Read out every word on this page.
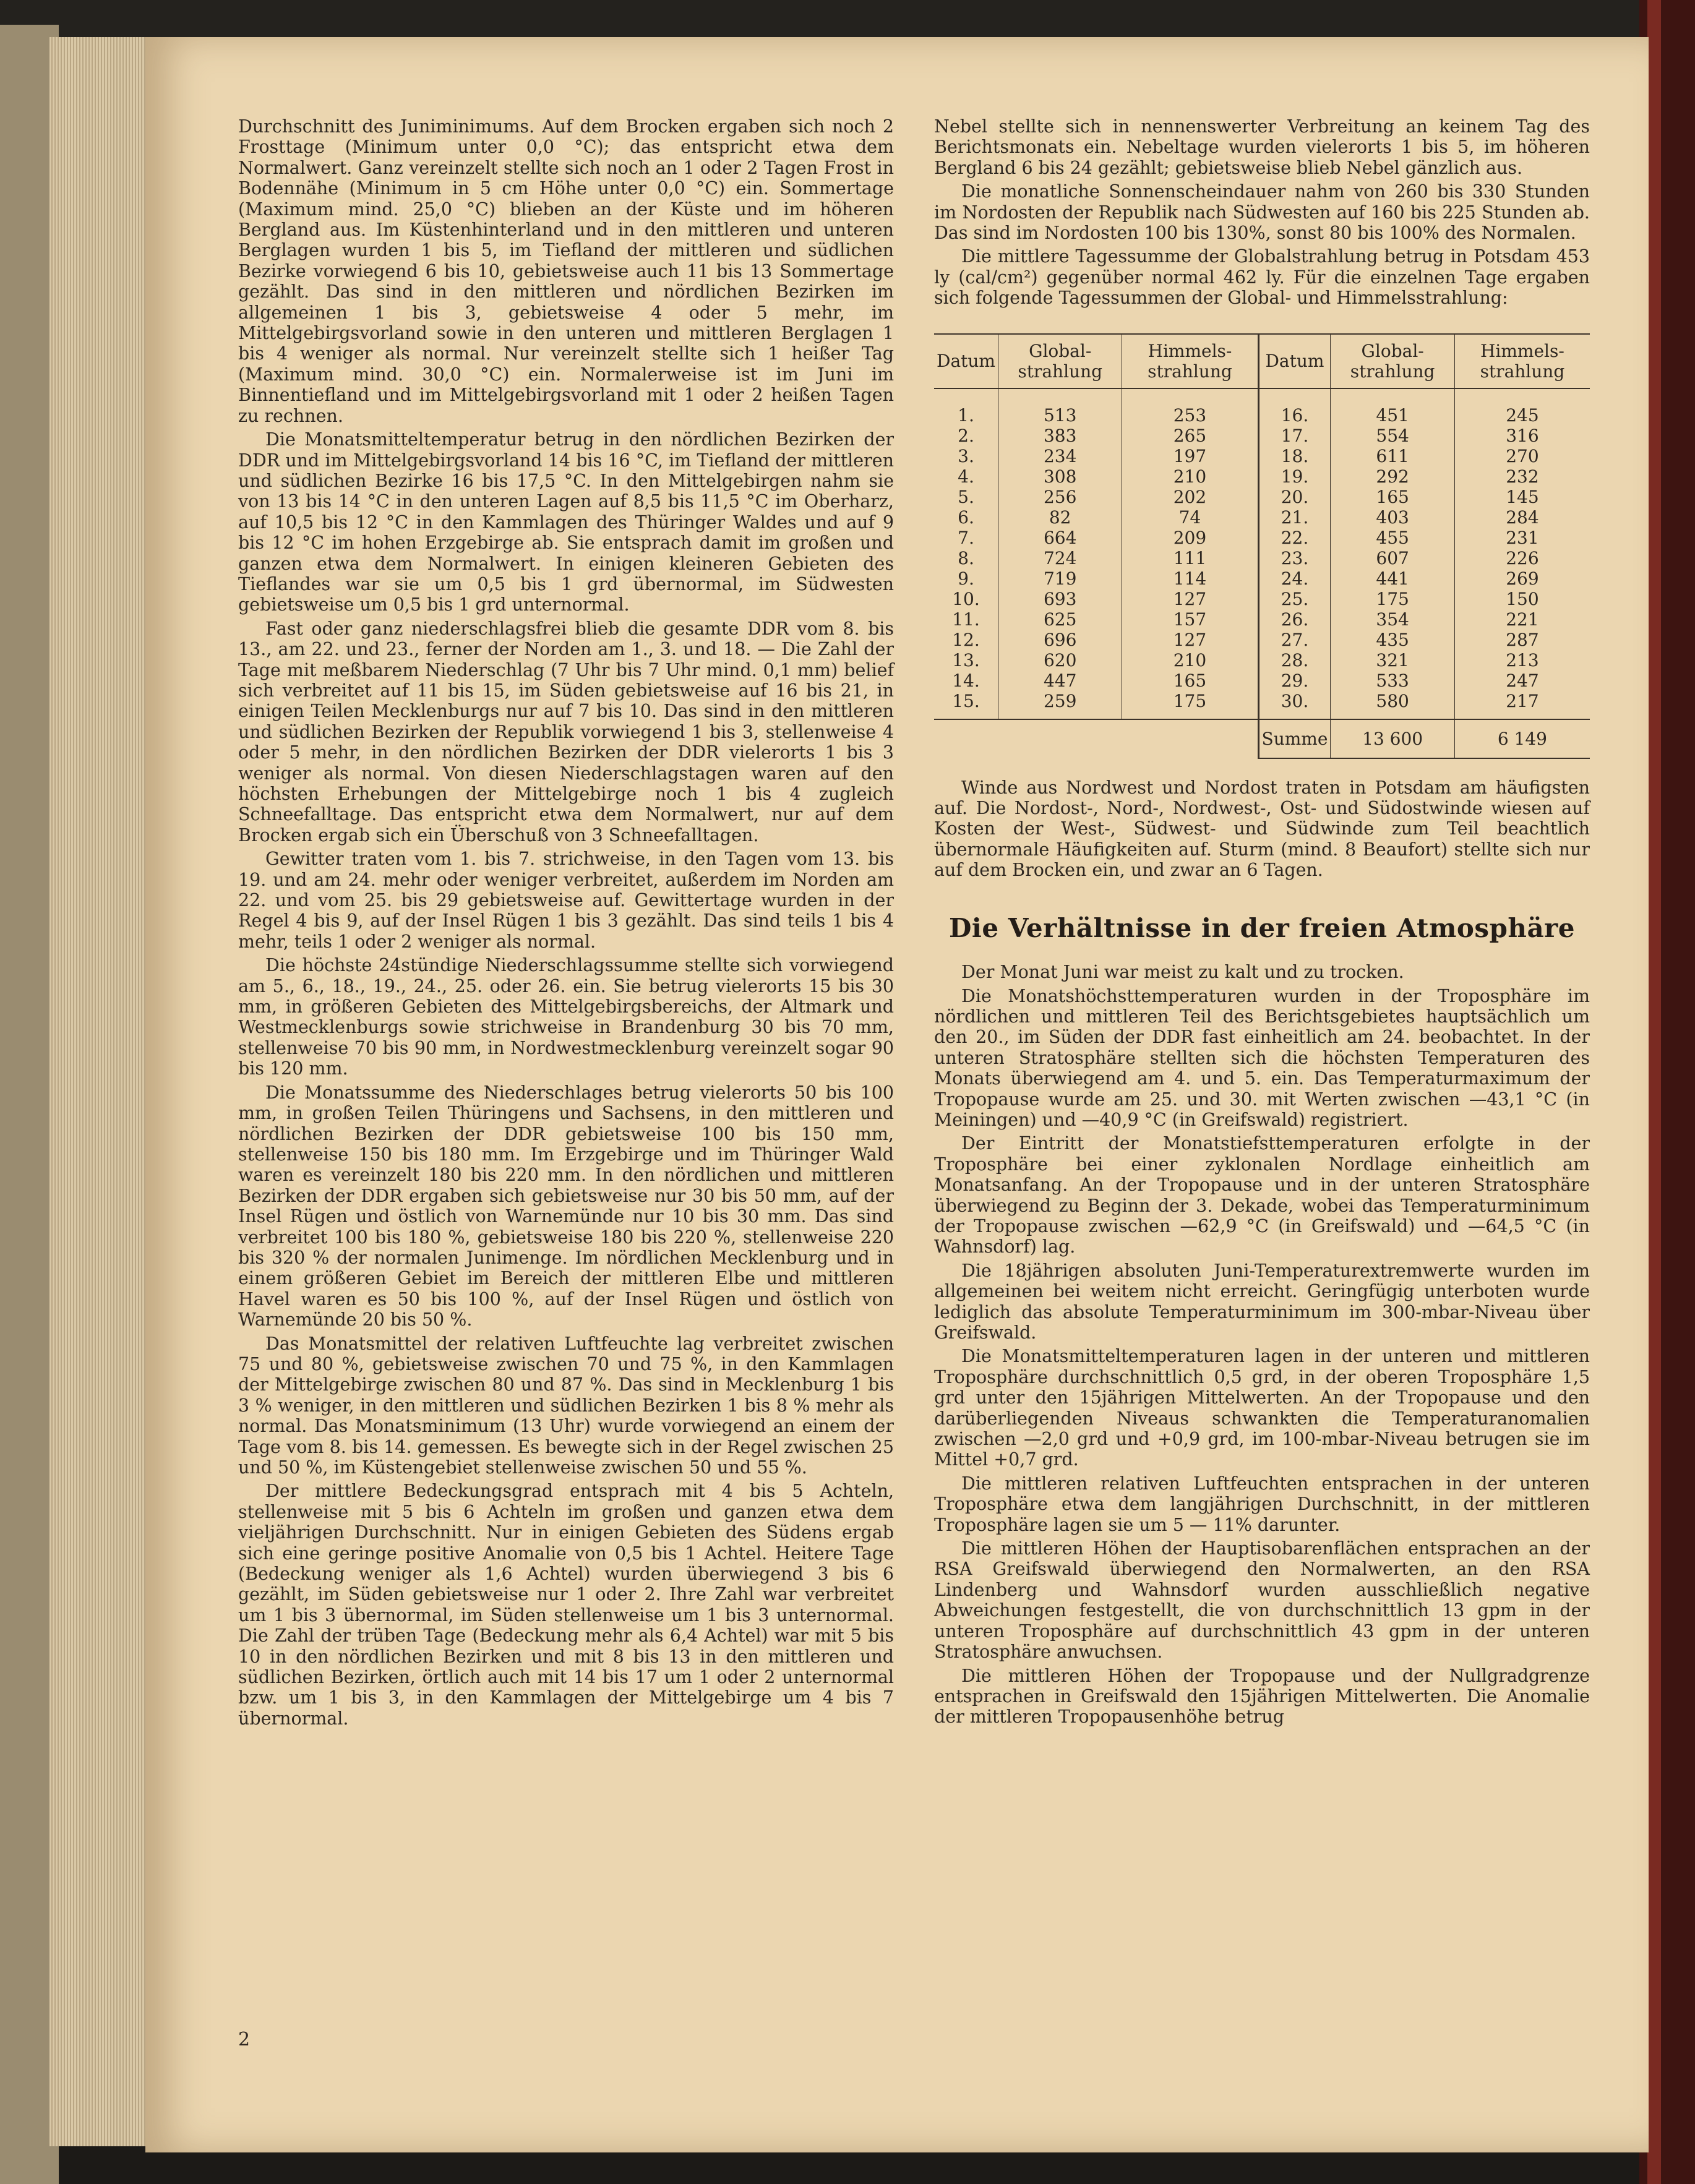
Durchschnitt des Juniminimums. Auf dem Brocken ergaben sich noch 2 Frosttage (Minimum unter 0,0 °C); das entspricht etwa dem Normalwert. Ganz vereinzelt stellte sich noch an 1 oder 2 Tagen Frost in Bodennähe (Minimum in 5 cm Höhe unter 0,0 °C) ein. Sommertage (Maximum mind. 25,0 °C) blieben an der Küste und im höheren Bergland aus. Im Küstenhinterland und in den mittleren und unteren Berglagen wurden 1 bis 5, im Tiefland der mittleren und südlichen Bezirke vorwiegend 6 bis 10, gebietsweise auch 11 bis 13 Sommertage gezählt. Das sind in den mittleren und nördlichen Bezirken im allgemeinen 1 bis 3, gebietsweise 4 oder 5 mehr, im Mittelgebirgsvorland sowie in den unteren und mittleren Berglagen 1 bis 4 weniger als normal. Nur vereinzelt stellte sich 1 heißer Tag (Maximum mind. 30,0 °C) ein. Normalerweise ist im Juni im Binnentiefland und im Mittelgebirgsvorland mit 1 oder 2 heißen Tagen zu rechnen.

Die Monatsmitteltemperatur betrug in den nördlichen Bezirken der DDR und im Mittelgebirgsvorland 14 bis 16 °C, im Tiefland der mittleren und südlichen Bezirke 16 bis 17,5 °C. In den Mittelgebirgen nahm sie von 13 bis 14 °C in den unteren Lagen auf 8,5 bis 11,5 °C im Oberharz, auf 10,5 bis 12 °C in den Kammlagen des Thüringer Waldes und auf 9 bis 12 °C im hohen Erzgebirge ab. Sie entsprach damit im großen und ganzen etwa dem Normalwert. In einigen kleineren Gebieten des Tieflandes war sie um 0,5 bis 1 grd übernormal, im Südwesten gebietsweise um 0,5 bis 1 grd unternormal.

Fast oder ganz niederschlagsfrei blieb die gesamte DDR vom 8. bis 13., am 22. und 23., ferner der Norden am 1., 3. und 18. — Die Zahl der Tage mit meßbarem Niederschlag (7 Uhr bis 7 Uhr mind. 0,1 mm) belief sich verbreitet auf 11 bis 15, im Süden gebietsweise auf 16 bis 21, in einigen Teilen Mecklenburgs nur auf 7 bis 10. Das sind in den mittleren und südlichen Bezirken der Republik vorwiegend 1 bis 3, stellenweise 4 oder 5 mehr, in den nördlichen Bezirken der DDR vielerorts 1 bis 3 weniger als normal. Von diesen Niederschlagstagen waren auf den höchsten Erhebungen der Mittelgebirge noch 1 bis 4 zugleich Schneefalltage. Das entspricht etwa dem Normalwert, nur auf dem Brocken ergab sich ein Überschuß von 3 Schneefalltagen.

Gewitter traten vom 1. bis 7. strichweise, in den Tagen vom 13. bis 19. und am 24. mehr oder weniger verbreitet, außerdem im Norden am 22. und vom 25. bis 29 gebietsweise auf. Gewittertage wurden in der Regel 4 bis 9, auf der Insel Rügen 1 bis 3 gezählt. Das sind teils 1 bis 4 mehr, teils 1 oder 2 weniger als normal.

Die höchste 24stündige Niederschlagssumme stellte sich vorwiegend am 5., 6., 18., 19., 24., 25. oder 26. ein. Sie betrug vielerorts 15 bis 30 mm, in größeren Gebieten des Mittelgebirgsbereichs, der Altmark und Westmecklenburgs sowie strichweise in Brandenburg 30 bis 70 mm, stellenweise 70 bis 90 mm, in Nordwestmecklenburg vereinzelt sogar 90 bis 120 mm.

Die Monatssumme des Niederschlages betrug vielerorts 50 bis 100 mm, in großen Teilen Thüringens und Sachsens, in den mittleren und nördlichen Bezirken der DDR gebietsweise 100 bis 150 mm, stellenweise 150 bis 180 mm. Im Erzgebirge und im Thüringer Wald waren es vereinzelt 180 bis 220 mm. In den nördlichen und mittleren Bezirken der DDR ergaben sich gebietsweise nur 30 bis 50 mm, auf der Insel Rügen und östlich von Warnemünde nur 10 bis 30 mm. Das sind verbreitet 100 bis 180 %, gebietsweise 180 bis 220 %, stellenweise 220 bis 320 % der normalen Junimenge. Im nördlichen Mecklenburg und in einem größeren Gebiet im Bereich der mittleren Elbe und mittleren Havel waren es 50 bis 100 %, auf der Insel Rügen und östlich von Warnemünde 20 bis 50 %.

Das Monatsmittel der relativen Luftfeuchte lag verbreitet zwischen 75 und 80 %, gebietsweise zwischen 70 und 75 %, in den Kammlagen der Mittelgebirge zwischen 80 und 87 %. Das sind in Mecklenburg 1 bis 3 % weniger, in den mittleren und südlichen Bezirken 1 bis 8 % mehr als normal. Das Monatsminimum (13 Uhr) wurde vorwiegend an einem der Tage vom 8. bis 14. gemessen. Es bewegte sich in der Regel zwischen 25 und 50 %, im Küstengebiet stellenweise zwischen 50 und 55 %.

Der mittlere Bedeckungsgrad entsprach mit 4 bis 5 Achteln, stellenweise mit 5 bis 6 Achteln im großen und ganzen etwa dem vieljährigen Durchschnitt. Nur in einigen Gebieten des Südens ergab sich eine geringe positive Anomalie von 0,5 bis 1 Achtel. Heitere Tage (Bedeckung weniger als 1,6 Achtel) wurden überwiegend 3 bis 6 gezählt, im Süden gebietsweise nur 1 oder 2. Ihre Zahl war verbreitet um 1 bis 3 übernormal, im Süden stellenweise um 1 bis 3 unternormal. Die Zahl der trüben Tage (Bedeckung mehr als 6,4 Achtel) war mit 5 bis 10 in den nördlichen Bezirken und mit 8 bis 13 in den mittleren und südlichen Bezirken, örtlich auch mit 14 bis 17 um 1 oder 2 unternormal bzw. um 1 bis 3, in den Kammlagen der Mittelgebirge um 4 bis 7 übernormal.

Nebel stellte sich in nennenswerter Verbreitung an keinem Tag des Berichtsmonats ein. Nebeltage wurden vielerorts 1 bis 5, im höheren Bergland 6 bis 24 gezählt; gebietsweise blieb Nebel gänzlich aus.

Die monatliche Sonnenscheindauer nahm von 260 bis 330 Stunden im Nordosten der Republik nach Südwesten auf 160 bis 225 Stunden ab. Das sind im Nordosten 100 bis 130%, sonst 80 bis 100% des Normalen.

Die mittlere Tagessumme der Globalstrahlung betrug in Potsdam 453 ly (cal/cm²) gegenüber normal 462 ly. Für die einzelnen Tage ergaben sich folgende Tagessummen der Global- und Himmelsstrahlung:

Datum	Global-strahlung	Himmels-strahlung	Datum	Global-strahlung	Himmels-strahlung

1.	513	253	16.	451	245
2.	383	265	17.	554	316
3.	234	197	18.	611	270
4.	308	210	19.	292	232
5.	256	202	20.	165	145
6.	82	74	21.	403	284
7.	664	209	22.	455	231
8.	724	111	23.	607	226
9.	719	114	24.	441	269
10.	693	127	25.	175	150
11.	625	157	26.	354	221
12.	696	127	27.	435	287
13.	620	210	28.	321	213
14.	447	165	29.	533	247
15.	259	175	30.	580	217
			Summe	13 600	6 149

Winde aus Nordwest und Nordost traten in Potsdam am häufigsten auf. Die Nordost-, Nord-, Nordwest-, Ost- und Südostwinde wiesen auf Kosten der West-, Südwest- und Südwinde zum Teil beachtlich übernormale Häufigkeiten auf. Sturm (mind. 8 Beaufort) stellte sich nur auf dem Brocken ein, und zwar an 6 Tagen.

Die Verhältnisse in der freien Atmosphäre

Der Monat Juni war meist zu kalt und zu trocken.

Die Monatshöchsttemperaturen wurden in der Troposphäre im nördlichen und mittleren Teil des Berichtsgebietes hauptsächlich um den 20., im Süden der DDR fast einheitlich am 24. beobachtet. In der unteren Stratosphäre stellten sich die höchsten Temperaturen des Monats überwiegend am 4. und 5. ein. Das Temperaturmaximum der Tropopause wurde am 25. und 30. mit Werten zwischen —43,1 °C (in Meiningen) und —40,9 °C (in Greifswald) registriert.

Der Eintritt der Monatstiefsttemperaturen erfolgte in der Troposphäre bei einer zyklonalen Nordlage einheitlich am Monatsanfang. An der Tropopause und in der unteren Stratosphäre überwiegend zu Beginn der 3. Dekade, wobei das Temperaturminimum der Tropopause zwischen —62,9 °C (in Greifswald) und —64,5 °C (in Wahnsdorf) lag.

Die 18jährigen absoluten Juni-Temperaturextremwerte wurden im allgemeinen bei weitem nicht erreicht. Geringfügig unterboten wurde lediglich das absolute Temperaturminimum im 300-mbar-Niveau über Greifswald.

Die Monatsmitteltemperaturen lagen in der unteren und mittleren Troposphäre durchschnittlich 0,5 grd, in der oberen Troposphäre 1,5 grd unter den 15jährigen Mittelwerten. An der Tropopause und den darüberliegenden Niveaus schwankten die Temperaturanomalien zwischen —2,0 grd und +0,9 grd, im 100-mbar-Niveau betrugen sie im Mittel +0,7 grd.

Die mittleren relativen Luftfeuchten entsprachen in der unteren Troposphäre etwa dem langjährigen Durchschnitt, in der mittleren Troposphäre lagen sie um 5 — 11% darunter.

Die mittleren Höhen der Hauptisobarenflächen entsprachen an der RSA Greifswald überwiegend den Normalwerten, an den RSA Lindenberg und Wahnsdorf wurden ausschließlich negative Abweichungen festgestellt, die von durchschnittlich 13 gpm in der unteren Troposphäre auf durchschnittlich 43 gpm in der unteren Stratosphäre anwuchsen.

Die mittleren Höhen der Tropopause und der Nullgradgrenze entsprachen in Greifswald den 15jährigen Mittelwerten. Die Anomalie der mittleren Tropopausenhöhe betrug

2
